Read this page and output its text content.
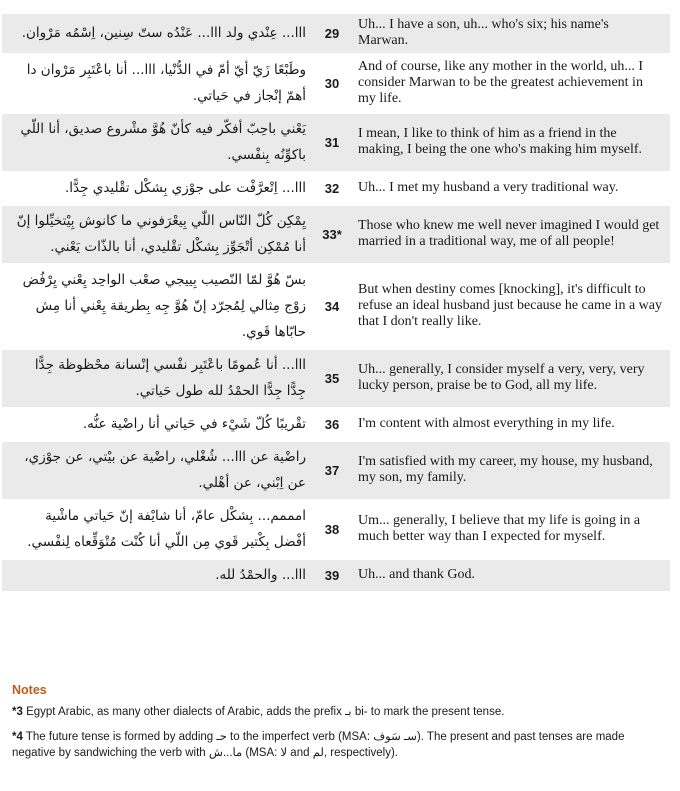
ااا... عِنْدي ولد ااا... عَنْدُه ستّ سِنين، اِسْمُه مَرْوان.	29	Uh... I have a son, uh... who's six; his name's Marwan.
وطَبْعًا زَيّ أيّ أمّ في الدُّنْيا، ااا... أنا باعْتَبِر مَرْوان دا أهمّ إنْجاز في حَياتي.	30	And of course, like any mother in the world, uh... I consider Marwan to be the greatest achievement in my life.
يَعْني باحِبّ أفكّر فيه كأنّ هُوَّ مشْروع صديق، أنا اللّي باكوِّنُه بِنفْسي.	31	I mean, I like to think of him as a friend in the making, I being the one who's making him myself.
ااا... اِتْعرَّفْت على جوْزي بِشكْل تقْليدي جِدًّا.	32	Uh... I met my husband a very traditional way.
يِمْكِن كُلّ النّاس اللّي بِيعْرَفوني ما كانوش بِيْتخيِّلوا إنّ أنا مُمْكِن أتْجَوِّز بِشكْل تقْليدي، أنا بالذّات يَعْني.	33*	Those who knew me well never imagined I would get married in a traditional way, me of all people!
بسّ هُوَّ لمّا النّصيب بِييجي صعْب الواحِد يِعْني يِرْفُض زوْج مِثالي لِمُجرّد إنّ هُوَّ جِه بِطريقة يِعْني أنا مِش حابّاها قَوي.	34	But when destiny comes [knocking], it's difficult to refuse an ideal husband just because he came in a way that I don't really like.
ااا... أنا عُمومًا باعْتَبِر نفْسي إنْسانة محْظوظة جِدًّا جِدًّا جِدًّا الحمْدُ لله طول حَياتي.	35	Uh... generally, I consider myself a very, very, very lucky person, praise be to God, all my life.
تقْريبًا كُلّ شَيْء في حَياتي أنا راضْية عنُّه.	36	I'm content with almost everything in my life.
راضْية عن ااا... شُغْلي، راضْية عن بيْتي، عن جوْزي، عن اِبْني، عن أهْلي.	37	I'm satisfied with my career, my house, my husband, my son, my family.
امممم... بِشكْل عامّ، أنا شايْفة إنّ حَياتي ماشْية أفْضل بِكْتير قَوي مِن اللّي أنا كُنْت مُتْوَقِّعاه لِنفْسي.	38	Um... generally, I believe that my life is going in a much better way than I expected for myself.
ااا... والحمْدُ لله.	39	Uh... and thank God.
Notes
*3 Egypt Arabic, as many other dialects of Arabic, adds the prefix بـ bi- to mark the present tense.
*4 The future tense is formed by adding حـ to the imperfect verb (MSA: سـ سَوف). The present and past tenses are made negative by sandwiching the verb with ما...ش (MSA: لا and لم, respectively).
